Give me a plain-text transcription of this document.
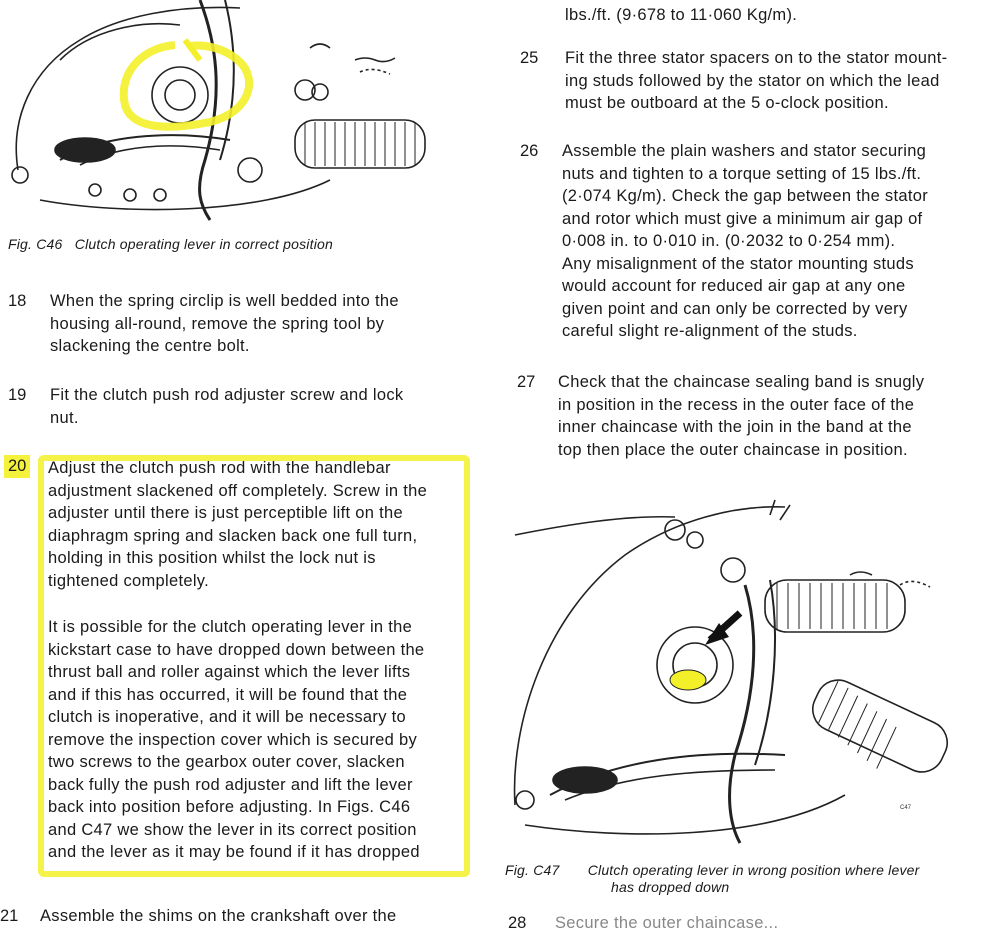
Fig. C46 Clutch operating lever in correct position
18 When the spring circlip is well bedded into the
housing all-round, remove the spring tool by
slackening the centre bolt.
19 Fit the clutch push rod adjuster screw and lock
nut.
20 Adjust the clutch push rod with the handlebar
adjustment slackened off completely. Screw in the
adjuster until there is just perceptible lift on the
diaphragm spring and slacken back one full turn,
holding in this position whilst the lock nut is
tightened completely.
It is possible for the clutch operating lever in the
kickstart case to have dropped down between the
thrust ball and roller against which the lever lifts
and if this has occurred, it will be found that the
clutch is inoperative, and it will be necessary to
remove the inspection cover which is secured by
two screws to the gearbox outer cover, slacken
back fully the push rod adjuster and lift the lever
back into position before adjusting. In Figs. C46
and C47 we show the lever in its correct position
and the lever as it may be found if it has dropped
21 Assemble the shims on the crankshaft over the
lbs./ft. (9·678 to 11·060 Kg/m).
25 Fit the three stator spacers on to the stator mount-
ing studs followed by the stator on which the lead
must be outboard at the 5 o-clock position.
26 Assemble the plain washers and stator securing
nuts and tighten to a torque setting of 15 lbs./ft.
(2·074 Kg/m). Check the gap between the stator
and rotor which must give a minimum air gap of
0·008 in. to 0·010 in. (0·2032 to 0·254 mm).
Any misalignment of the stator mounting studs
would account for reduced air gap at any one
given point and can only be corrected by very
careful slight re-alignment of the studs.
27 Check that the chaincase sealing band is snugly
in position in the recess in the outer face of the
inner chaincase with the join in the band at the
top then place the outer chaincase in position.
C47
Fig. C47 Clutch operating lever in wrong position where lever
has dropped down
28 Secure the outer chaincase...
